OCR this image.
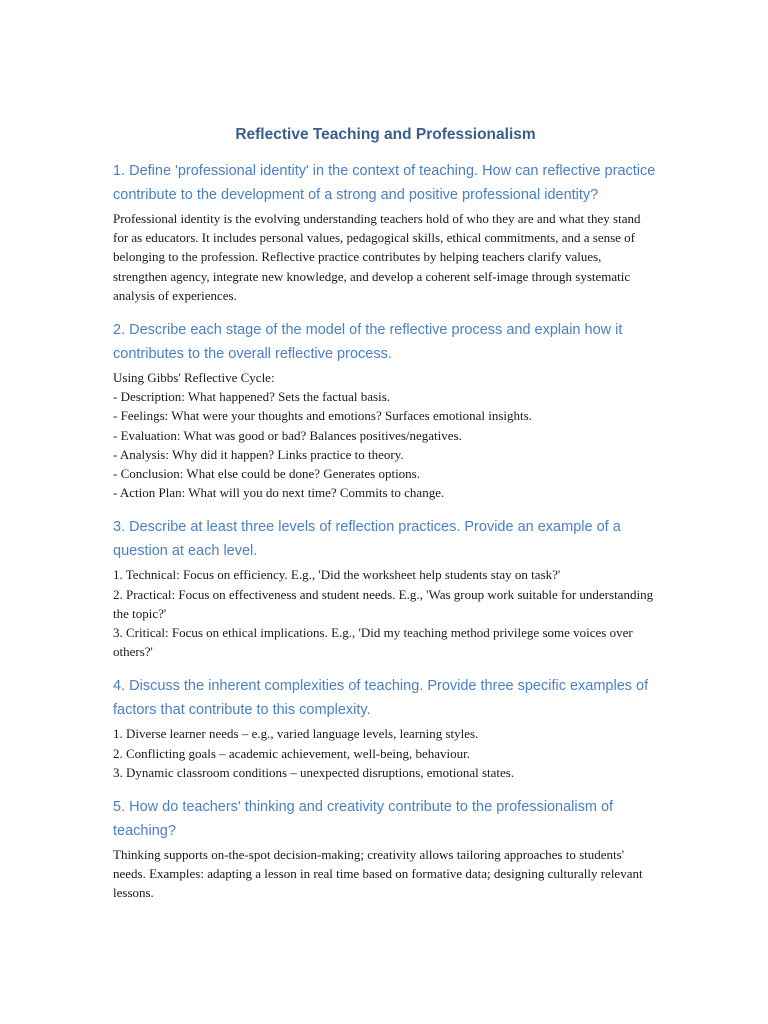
Reflective Teaching and Professionalism
1. Define 'professional identity' in the context of teaching. How can reflective practice contribute to the development of a strong and positive professional identity?

Professional identity is the evolving understanding teachers hold of who they are and what they stand for as educators. It includes personal values, pedagogical skills, ethical commitments, and a sense of belonging to the profession. Reflective practice contributes by helping teachers clarify values, strengthen agency, integrate new knowledge, and develop a coherent self-image through systematic analysis of experiences.

2. Describe each stage of the model of the reflective process and explain how it contributes to the overall reflective process.

Using Gibbs' Reflective Cycle:
- Description: What happened? Sets the factual basis.
- Feelings: What were your thoughts and emotions? Surfaces emotional insights.
- Evaluation: What was good or bad? Balances positives/negatives.
- Analysis: Why did it happen? Links practice to theory.
- Conclusion: What else could be done? Generates options.
- Action Plan: What will you do next time? Commits to change.

3. Describe at least three levels of reflection practices. Provide an example of a question at each level.

1. Technical: Focus on efficiency. E.g., 'Did the worksheet help students stay on task?'
2. Practical: Focus on effectiveness and student needs. E.g., 'Was group work suitable for understanding the topic?'
3. Critical: Focus on ethical implications. E.g., 'Did my teaching method privilege some voices over others?'

4. Discuss the inherent complexities of teaching. Provide three specific examples of factors that contribute to this complexity.

1. Diverse learner needs – e.g., varied language levels, learning styles.
2. Conflicting goals – academic achievement, well-being, behaviour.
3. Dynamic classroom conditions – unexpected disruptions, emotional states.

5. How do teachers' thinking and creativity contribute to the professionalism of teaching?

Thinking supports on-the-spot decision-making; creativity allows tailoring approaches to students' needs. Examples: adapting a lesson in real time based on formative data; designing culturally relevant lessons.
